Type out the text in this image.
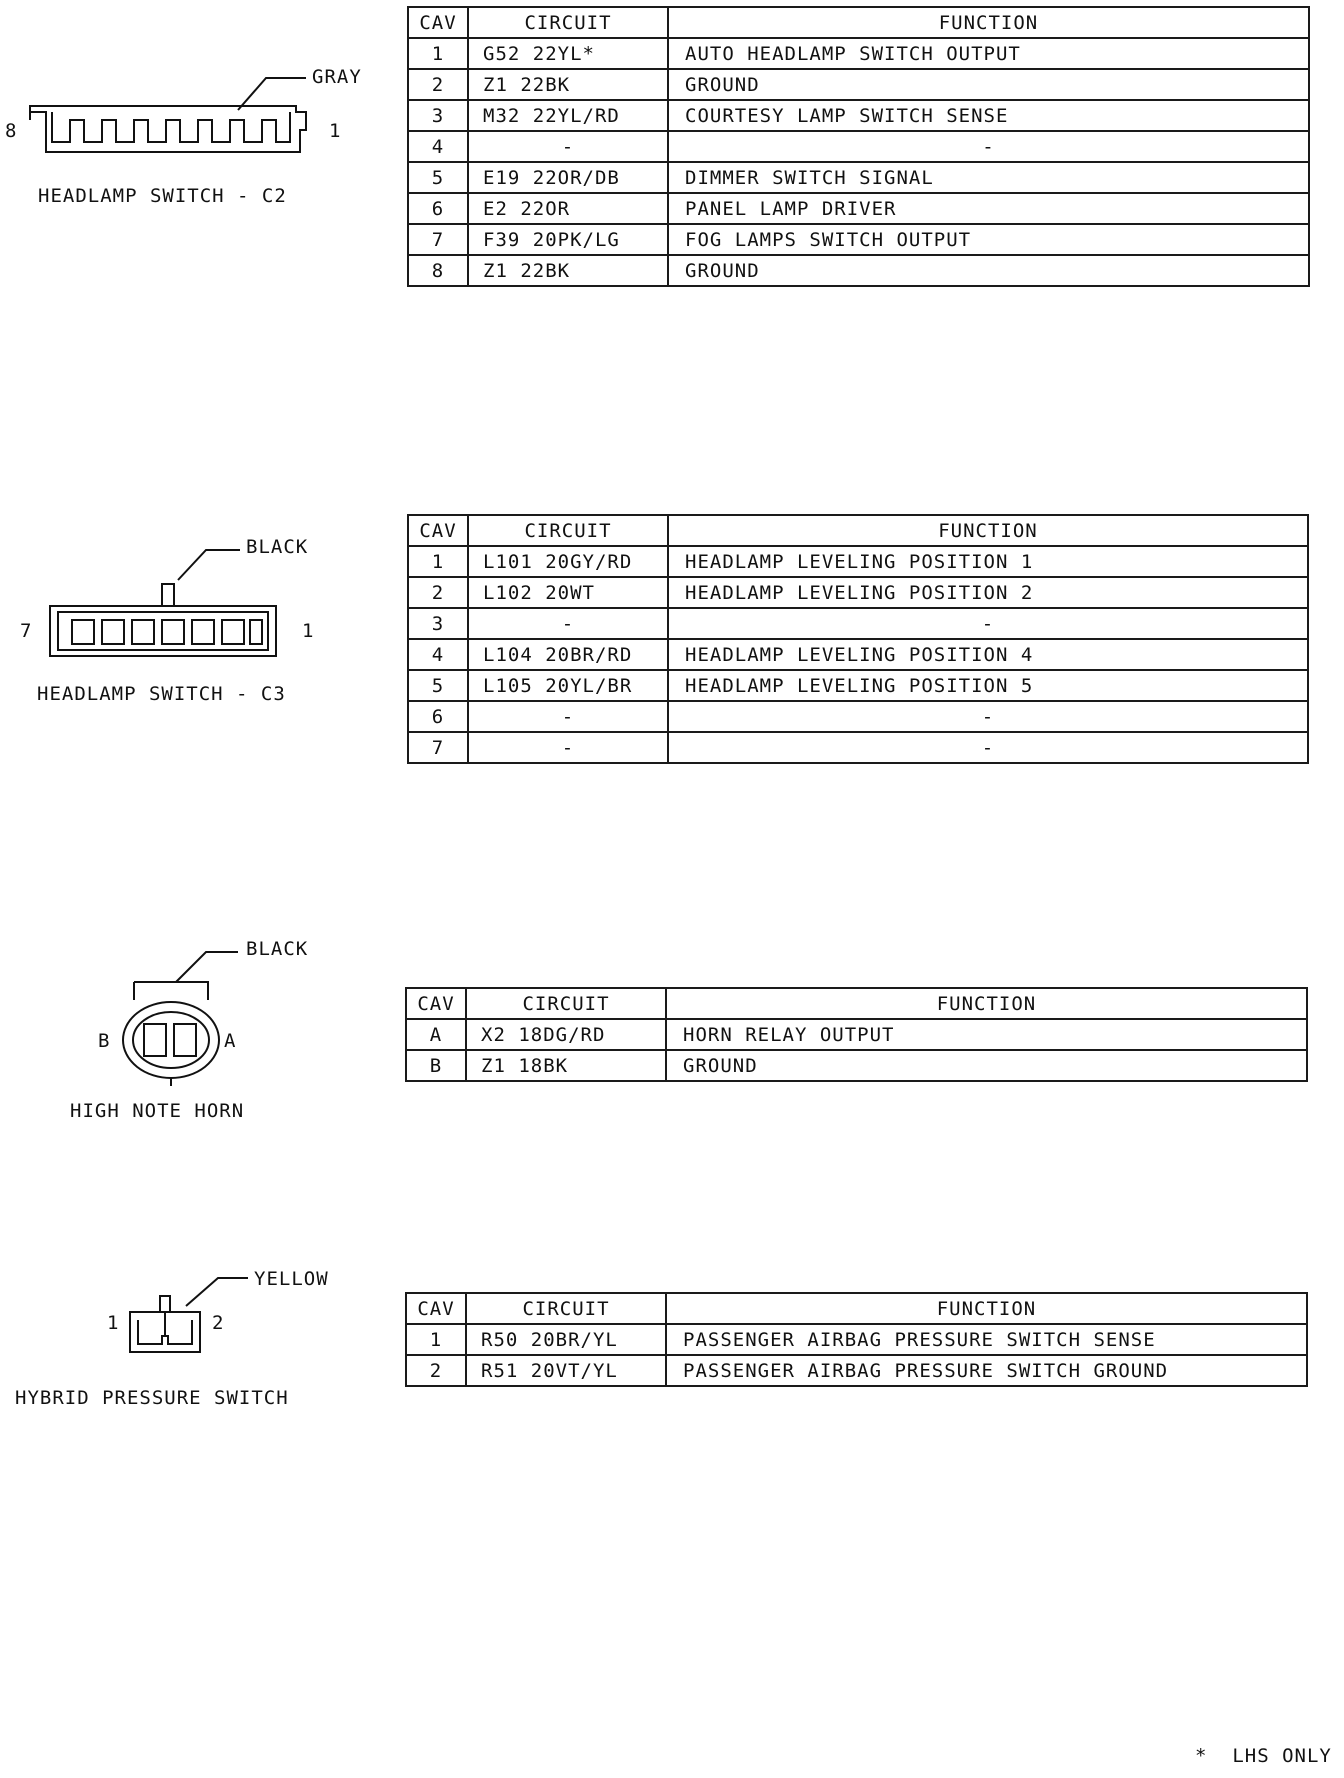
GRAY
8	1
HEADLAMP SWITCH - C2
CAV	CIRCUIT	FUNCTION
1	G52 22YL*	AUTO HEADLAMP SWITCH OUTPUT
2	Z1 22BK	GROUND
3	M32 22YL/RD	COURTESY LAMP SWITCH SENSE
4	-	-
5	E19 22OR/DB	DIMMER SWITCH SIGNAL
6	E2 22OR	PANEL LAMP DRIVER
7	F39 20PK/LG	FOG LAMPS SWITCH OUTPUT
8	Z1 22BK	GROUND
BLACK
7	1
HEADLAMP SWITCH - C3
CAV	CIRCUIT	FUNCTION
1	L101 20GY/RD	HEADLAMP LEVELING POSITION 1
2	L102 20WT	HEADLAMP LEVELING POSITION 2
3	-	-
4	L104 20BR/RD	HEADLAMP LEVELING POSITION 4
5	L105 20YL/BR	HEADLAMP LEVELING POSITION 5
6	-	-
7	-	-
BLACK
B	A
HIGH NOTE HORN
CAV	CIRCUIT	FUNCTION
A	X2 18DG/RD	HORN RELAY OUTPUT
B	Z1 18BK	GROUND
YELLOW
1	2
HYBRID PRESSURE SWITCH
CAV	CIRCUIT	FUNCTION
1	R50 20BR/YL	PASSENGER AIRBAG PRESSURE SWITCH SENSE
2	R51 20VT/YL	PASSENGER AIRBAG PRESSURE SWITCH GROUND
*  LHS ONLY
